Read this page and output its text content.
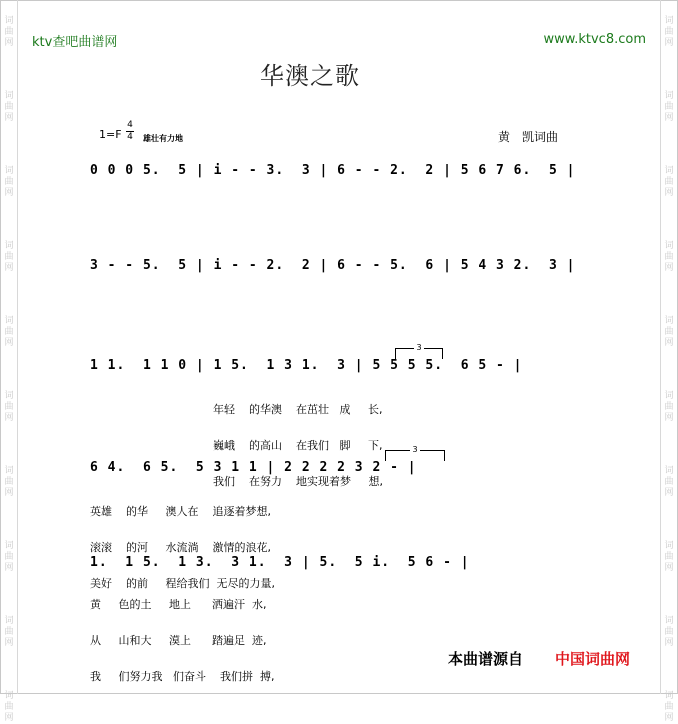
词
曲
网
词
曲
网
词
曲
网
词
曲
网
词
曲
网
词
曲
网
词
曲
网
词
曲
网
词
曲
网
词
曲
网
词
曲
网
词
曲
网
词
曲
网
词
曲
网
词
曲
网
词
曲
网
词
曲
网
词
曲
网
词
曲
网
词
曲
网
ktv查吧曲谱网	www.ktvc8.com
华澳之歌
1=F
4
4 雄壮有力地	黄　凯词曲
0 0 0 5.  5 | i - - 3.  3 | 6 - - 2.  2 | 5 6 7 6.  5 |
3 - - 5.  5 | i - - 2.  2 | 6 - - 5.  6 | 5 4 3 2.  3 |
3
1 1.  1 1 0 | 1 5.  1 3 1.  3 | 5 5 5 5.  6 5 - |

年轻    的华澳    在茁壮   成     长,

巍峨    的高山    在我们   脚     下,

我们    在努力    地实现着梦     想,

3
6 4.  6 5.  5 3 1 1 | 2 2 2 2 3 2 - |

英雄    的华     澳人在    追逐着梦想,

滚滚    的河     水流淌    激情的浪花,

美好    的前     程给我们  无尽的力量,

1.  1 5.  1 3.  3 1.  3 | 5.  5 i.  5 6 - |

黄     色的土     地上      洒遍汗  水,

从     山和大     漠上      踏遍足  迹,

我     们努力我   们奋斗    我们拼  搏,

本曲谱源自 中国词曲网
